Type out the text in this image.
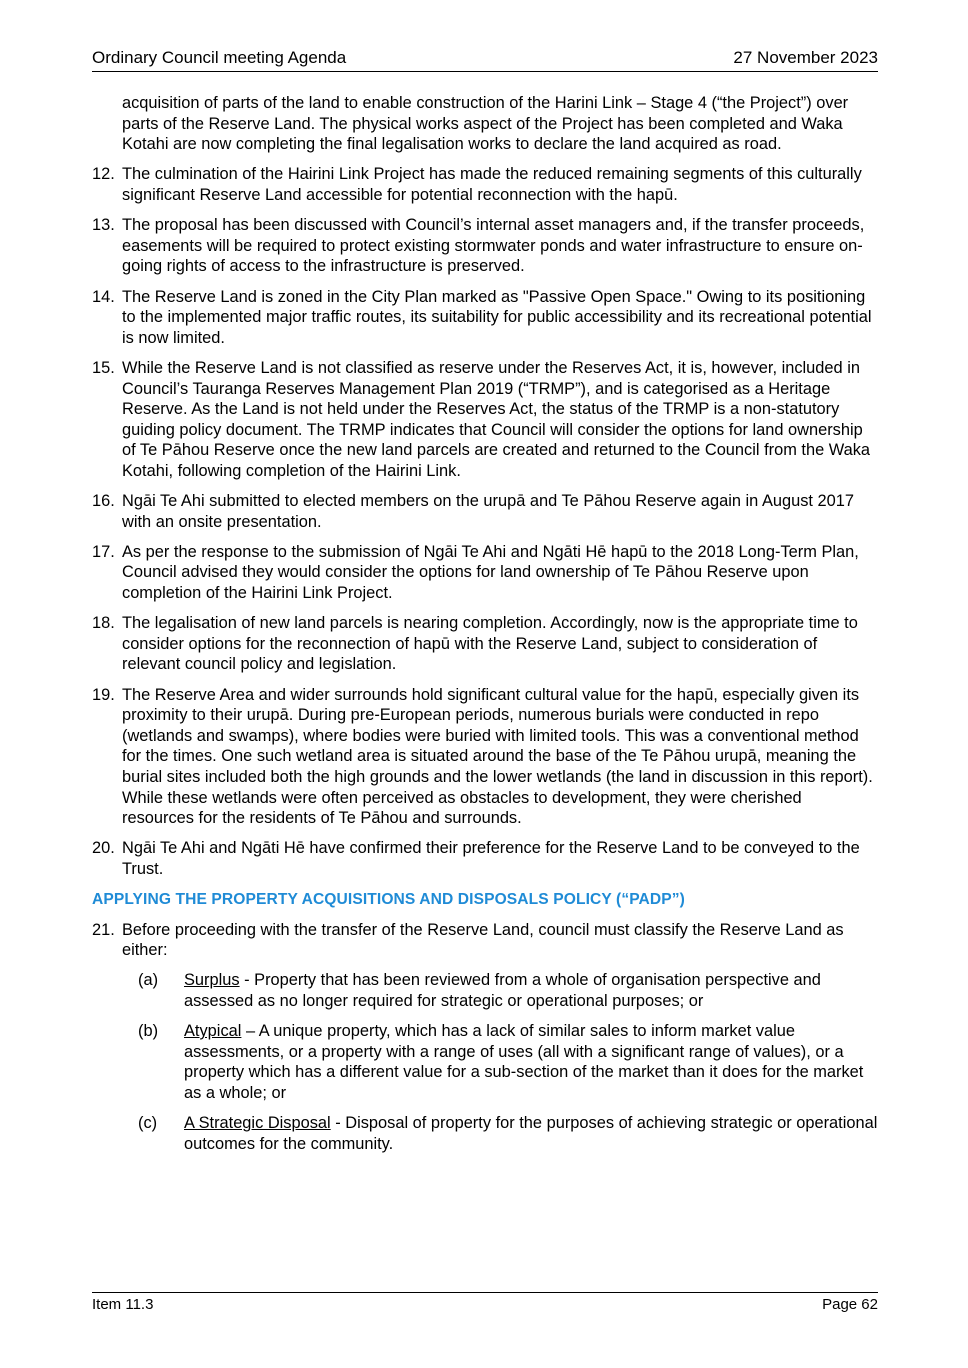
Ordinary Council meeting Agenda	27 November 2023

acquisition of parts of the land to enable construction of the Harini Link – Stage 4 (“the Project”) over parts of the Reserve Land. The physical works aspect of the Project has been completed and Waka Kotahi are now completing the final legalisation works to declare the land acquired as road.

12. The culmination of the Hairini Link Project has made the reduced remaining segments of this culturally significant Reserve Land accessible for potential reconnection with the hapū.

13. The proposal has been discussed with Council’s internal asset managers and, if the transfer proceeds, easements will be required to protect existing stormwater ponds and water infrastructure to ensure on-going rights of access to the infrastructure is preserved.

14. The Reserve Land is zoned in the City Plan marked as "Passive Open Space." Owing to its positioning to the implemented major traffic routes, its suitability for public accessibility and its recreational potential is now limited.

15. While the Reserve Land is not classified as reserve under the Reserves Act, it is, however, included in Council’s Tauranga Reserves Management Plan 2019 (“TRMP”), and is categorised as a Heritage Reserve. As the Land is not held under the Reserves Act, the status of the TRMP is a non-statutory guiding policy document. The TRMP indicates that Council will consider the options for land ownership of Te Pāhou Reserve once the new land parcels are created and returned to the Council from the Waka Kotahi, following completion of the Hairini Link.

16. Ngāi Te Ahi submitted to elected members on the urupā and Te Pāhou Reserve again in August 2017 with an onsite presentation.

17. As per the response to the submission of Ngāi Te Ahi and Ngāti Hē hapū to the 2018 Long-Term Plan, Council advised they would consider the options for land ownership of Te Pāhou Reserve upon completion of the Hairini Link Project.

18. The legalisation of new land parcels is nearing completion. Accordingly, now is the appropriate time to consider options for the reconnection of hapū with the Reserve Land, subject to consideration of relevant council policy and legislation.

19. The Reserve Area and wider surrounds hold significant cultural value for the hapū, especially given its proximity to their urupā. During pre-European periods, numerous burials were conducted in repo (wetlands and swamps), where bodies were buried with limited tools. This was a conventional method for the times. One such wetland area is situated around the base of the Te Pāhou urupā, meaning the burial sites included both the high grounds and the lower wetlands (the land in discussion in this report). While these wetlands were often perceived as obstacles to development, they were cherished resources for the residents of Te Pāhou and surrounds.

20. Ngāi Te Ahi and Ngāti Hē have confirmed their preference for the Reserve Land to be conveyed to the Trust.

APPLYING THE PROPERTY ACQUISITIONS AND DISPOSALS POLICY (“PADP”)

21. Before proceeding with the transfer of the Reserve Land, council must classify the Reserve Land as either:

(a) Surplus - Property that has been reviewed from a whole of organisation perspective and assessed as no longer required for strategic or operational purposes; or

(b) Atypical – A unique property, which has a lack of similar sales to inform market value assessments, or a property with a range of uses (all with a significant range of values), or a property which has a different value for a sub-section of the market than it does for the market as a whole; or

(c) A Strategic Disposal - Disposal of property for the purposes of achieving strategic or operational outcomes for the community.

Item 11.3	Page 62
